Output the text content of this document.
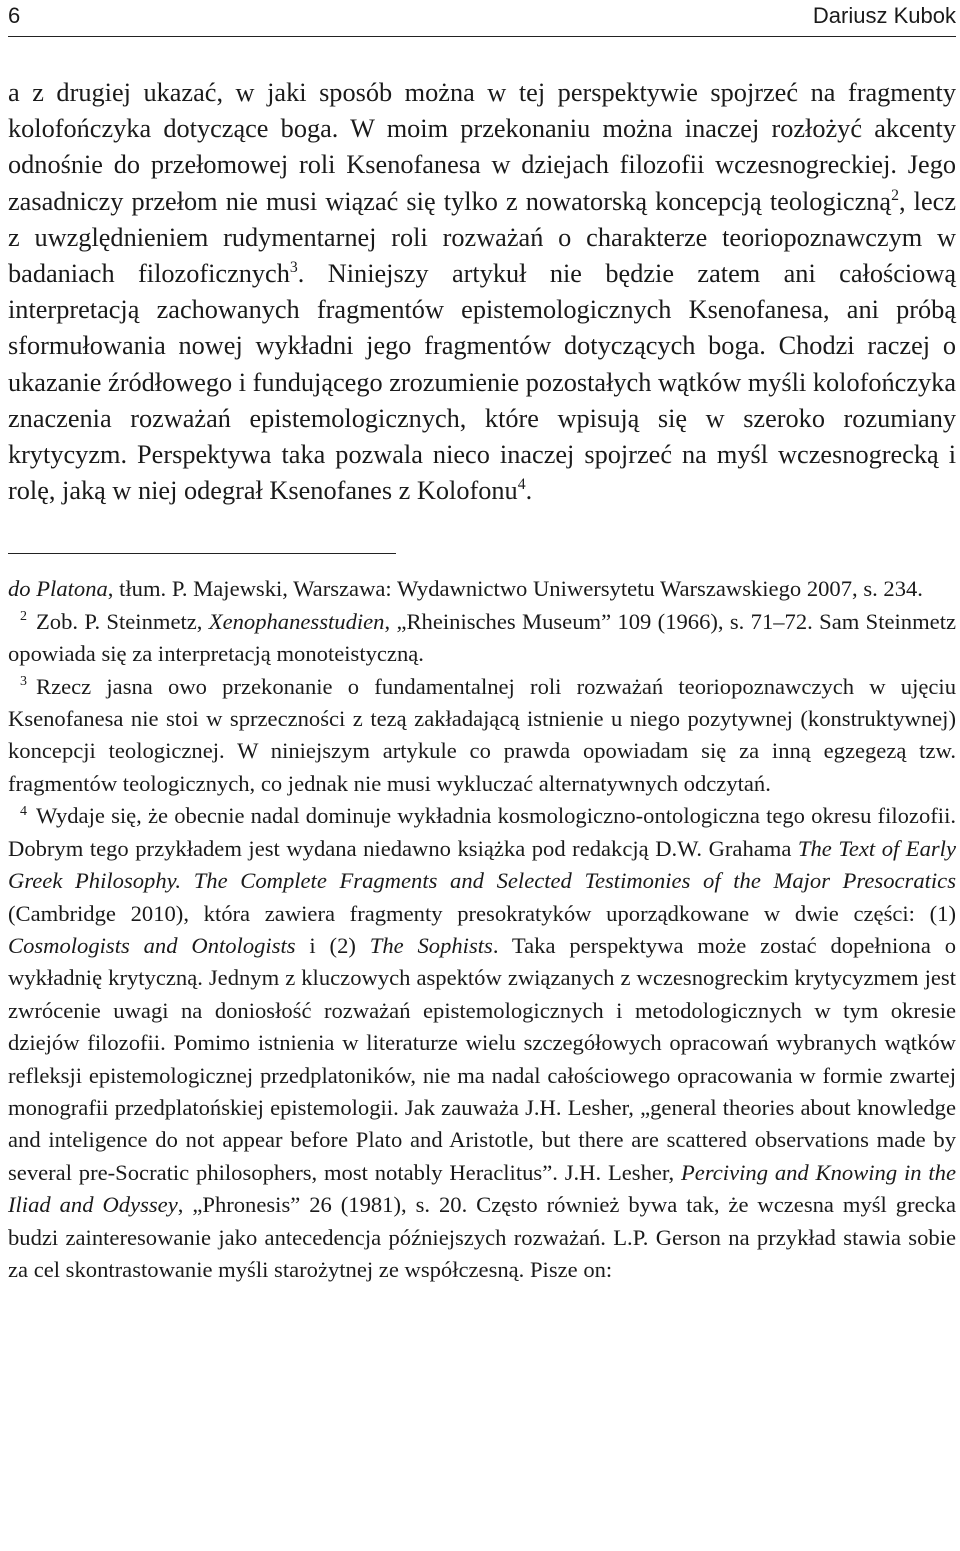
6	Dariusz Kubok
a z drugiej ukazać, w jaki sposób można w tej perspektywie spojrzeć na fragmenty kolofończyka dotyczące boga. W moim przekonaniu można inaczej rozłożyć akcenty odnośnie do przełomowej roli Ksenofanesa w dziejach filozofii wczesnogreckiej. Jego zasadniczy przełom nie musi wiązać się tylko z nowatorską koncepcją teologiczną$^2$, lecz z uwzględnieniem rudymentarnej roli rozważań o charakterze teoriopoznawczym w badaniach filozoficznych$^3$. Niniejszy artykuł nie będzie zatem ani całościową interpretacją zachowanych fragmentów epistemologicznych Ksenofanesa, ani próbą sformułowania nowej wykładni jego fragmentów dotyczących boga. Chodzi raczej o ukazanie źródłowego i fundującego zrozumienie pozostałych wątków myśli kolofończyka znaczenia rozważań epistemologicznych, które wpisują się w szeroko rozumiany krytycyzm. Perspektywa taka pozwala nieco inaczej spojrzeć na myśl wczesnogrecką i rolę, jaką w niej odegrał Ksenofanes z Kolofonu$^4$.

do Platona, tłum. P. Majewski, Warszawa: Wydawnictwo Uniwersytetu Warszawskiego 2007, s. 234.

2 Zob. P. Steinmetz, Xenophanesstudien, „Rheinisches Museum” 109 (1966), s. 71–72. Sam Steinmetz opowiada się za interpretacją monoteistyczną.

3 Rzecz jasna owo przekonanie o fundamentalnej roli rozważań teoriopoznawczych w ujęciu Ksenofanesa nie stoi w sprzeczności z tezą zakładającą istnienie u niego pozytywnej (konstruktywnej) koncepcji teologicznej. W niniejszym artykule co prawda opowiadam się za inną egzegezą tzw. fragmentów teologicznych, co jednak nie musi wykluczać alternatywnych odczytań.

4 Wydaje się, że obecnie nadal dominuje wykładnia kosmologiczno-ontologiczna tego okresu filozofii. Dobrym tego przykładem jest wydana niedawno książka pod redakcją D.W. Grahama The Text of Early Greek Philosophy. The Complete Fragments and Selected Testimonies of the Major Presocratics (Cambridge 2010), która zawiera fragmenty presokratyków uporządkowane w dwie części: (1) Cosmologists and Ontologists i (2) The Sophists. Taka perspektywa może zostać dopełniona o wykładnię krytyczną. Jednym z kluczowych aspektów związanych z wczesnogreckim krytycyzmem jest zwrócenie uwagi na doniosłość rozważań epistemologicznych i metodologicznych w tym okresie dziejów filozofii. Pomimo istnienia w literaturze wielu szczegółowych opracowań wybranych wątków refleksji epistemologicznej przedplatoników, nie ma nadal całościowego opracowania w formie zwartej monografii przedplatońskiej epistemologii. Jak zauważa J.H. Lesher, „general theories about knowledge and inteligence do not appear before Plato and Aristotle, but there are scattered observations made by several pre-Socratic philosophers, most notably Heraclitus”. J.H. Lesher, Perciving and Knowing in the Iliad and Odyssey, „Phronesis” 26 (1981), s. 20. Często również bywa tak, że wczesna myśl grecka budzi zainteresowanie jako antecedencja późniejszych rozważań. L.P. Gerson na przykład stawia sobie za cel skontrastowanie myśli starożytnej ze współczesną. Pisze on:
